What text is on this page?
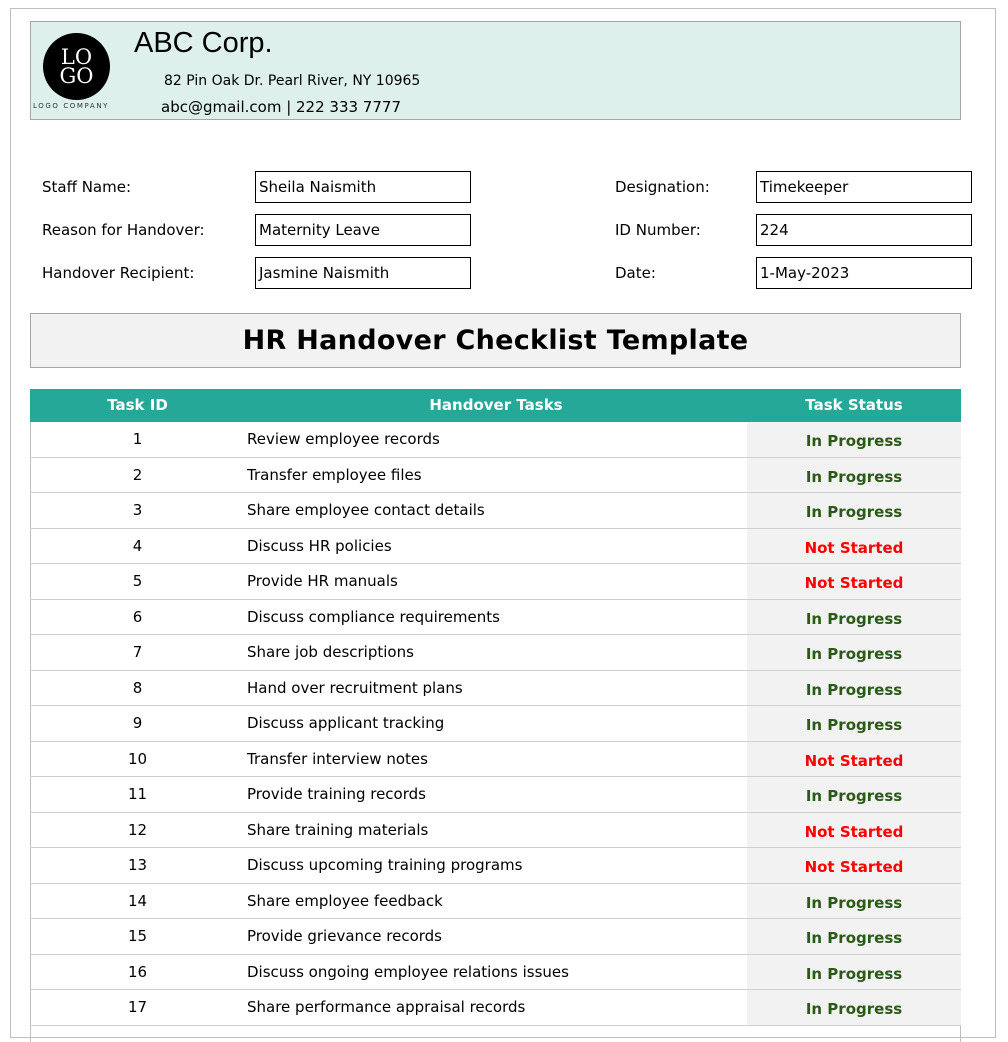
LO
GO
LOGO COMPANY
ABC Corp.
82 Pin Oak Dr. Pearl River, NY 10965
abc@gmail.com | 222 333 7777
Staff Name:	Sheila Naismith
Reason for Handover:	Maternity Leave
Handover Recipient:	Jasmine Naismith
Designation:	Timekeeper
ID Number:	224
Date:	1-May-2023
HR Handover Checklist Template
Task ID	Handover Tasks	Task Status
1	Review employee records	In Progress
2	Transfer employee files	In Progress
3	Share employee contact details	In Progress
4	Discuss HR policies	Not Started
5	Provide HR manuals	Not Started
6	Discuss compliance requirements	In Progress
7	Share job descriptions	In Progress
8	Hand over recruitment plans	In Progress
9	Discuss applicant tracking	In Progress
10	Transfer interview notes	Not Started
11	Provide training records	In Progress
12	Share training materials	Not Started
13	Discuss upcoming training programs	Not Started
14	Share employee feedback	In Progress
15	Provide grievance records	In Progress
16	Discuss ongoing employee relations issues	In Progress
17	Share performance appraisal records	In Progress
